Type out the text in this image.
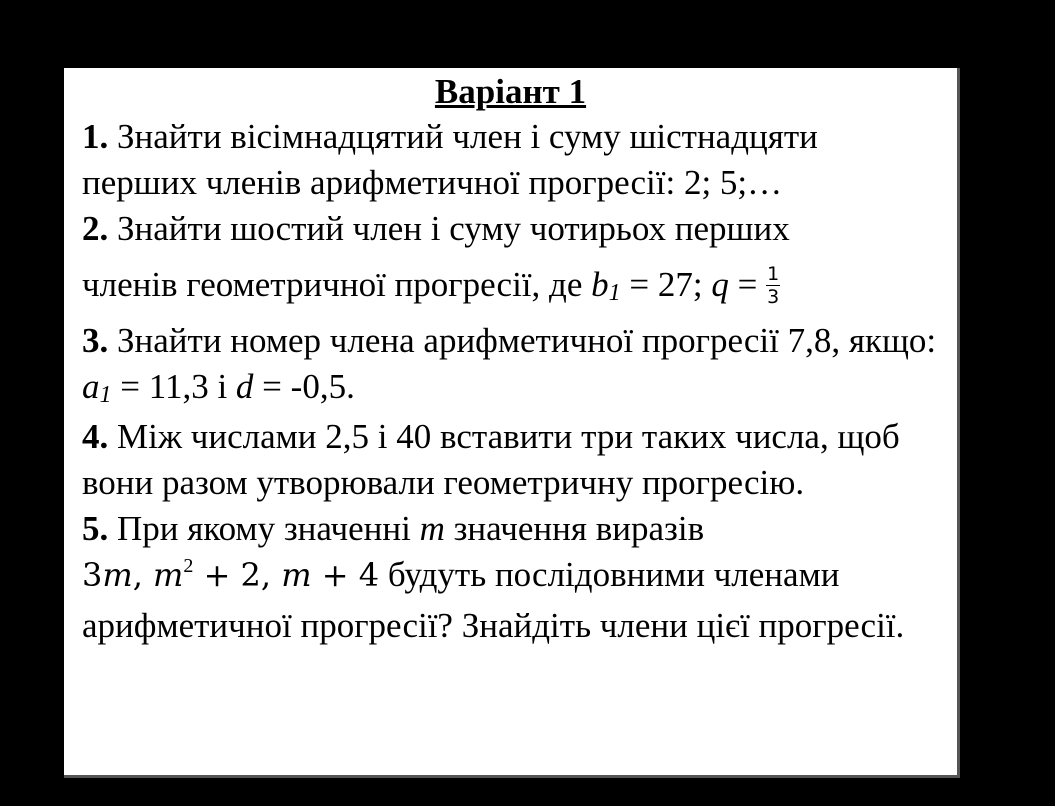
Варіант 1

1. Знайти вісімнадцятий член і суму шістнадцяти перших членів арифметичної прогресії: 2; 5;…

2. Знайти шостий член і суму чотирьох перших
членів геометричної прогресії, де b1 = 27; $q = \frac{1}{3}$

3. Знайти номер члена арифметичної прогресії 7,8, якщо: a1 = 11,3 і d = -0,5.

4. Між числами 2,5 і 40 вставити три таких числа, щоб вони разом утворювали геометричну прогресію.

5. При якому значенні m значення виразів
3m, $m^2 + 2$, m + 4 будуть послідовними членами арифметичної прогресії? Знайдіть члени цієї прогресії.
